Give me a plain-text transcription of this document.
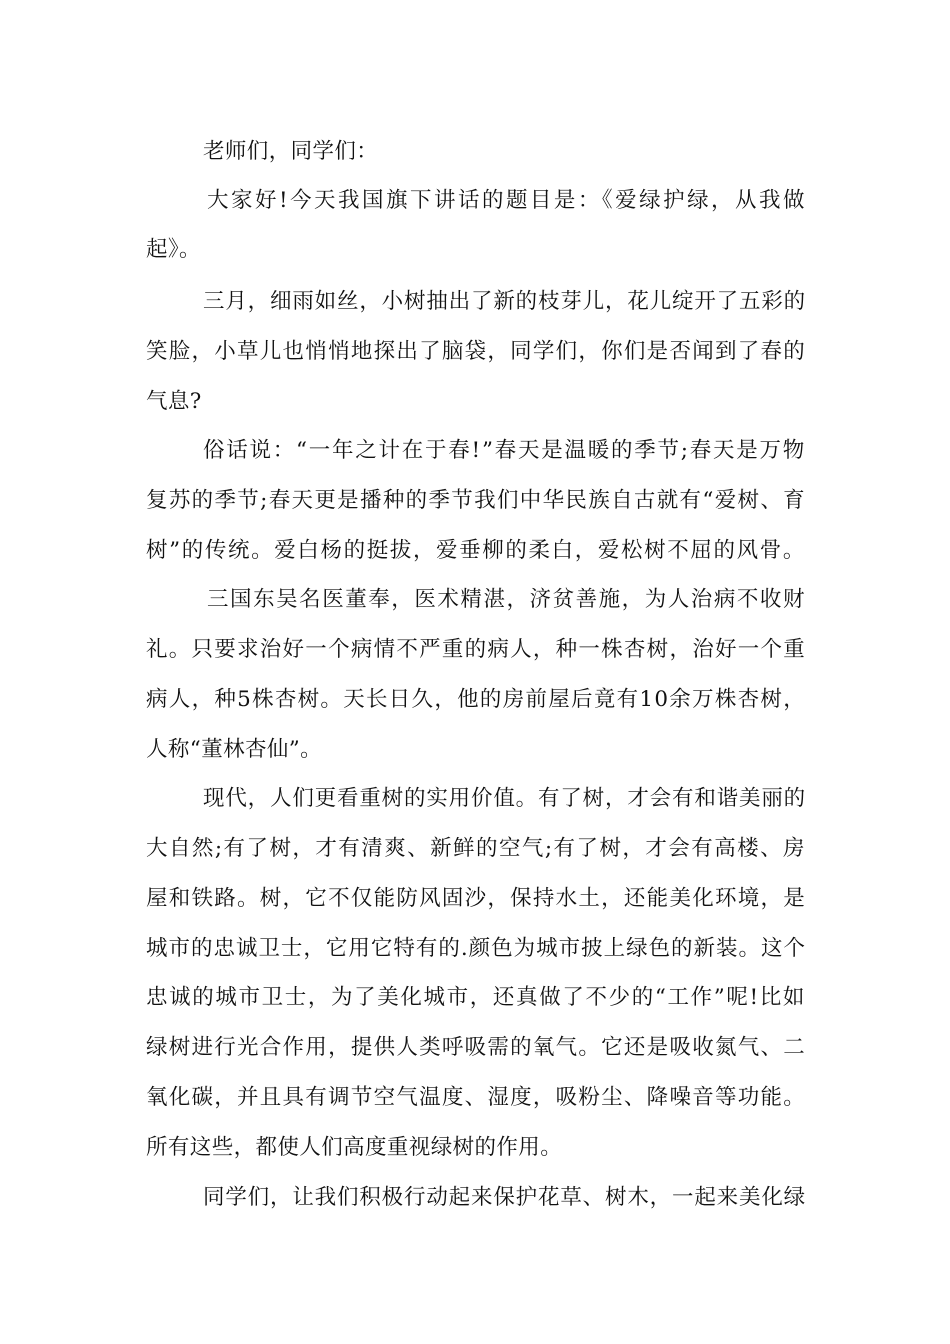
老师们，同学们：
大家好!今天我国旗下讲话的题目是：《爱绿护绿，从我做
起》。
三月，细雨如丝，小树抽出了新的枝芽儿，花儿绽开了五彩的
笑脸，小草儿也悄悄地探出了脑袋，同学们，你们是否闻到了春的
气息?
俗话说：“一年之计在于春!”春天是温暖的季节;春天是万物
复苏的季节;春天更是播种的季节我们中华民族自古就有“爱树、育
树”的传统。爱白杨的挺拔，爱垂柳的柔白，爱松树不屈的风骨。
三国东吴名医董奉，医术精湛，济贫善施，为人治病不收财
礼。只要求治好一个病情不严重的病人，种一株杏树，治好一个重
病人，种5株杏树。天长日久，他的房前屋后竟有10余万株杏树，
人称“董林杏仙”。
现代，人们更看重树的实用价值。有了树，才会有和谐美丽的
大自然;有了树，才有清爽、新鲜的空气;有了树，才会有高楼、房
屋和铁路。树，它不仅能防风固沙，保持水土，还能美化环境，是
城市的忠诚卫士，它用它特有的.颜色为城市披上绿色的新装。这个
忠诚的城市卫士，为了美化城市，还真做了不少的“工作”呢!比如
绿树进行光合作用，提供人类呼吸需的氧气。它还是吸收氮气、二
氧化碳，并且具有调节空气温度、湿度，吸粉尘、降噪音等功能。
所有这些，都使人们高度重视绿树的作用。
同学们，让我们积极行动起来保护花草、树木，一起来美化绿
